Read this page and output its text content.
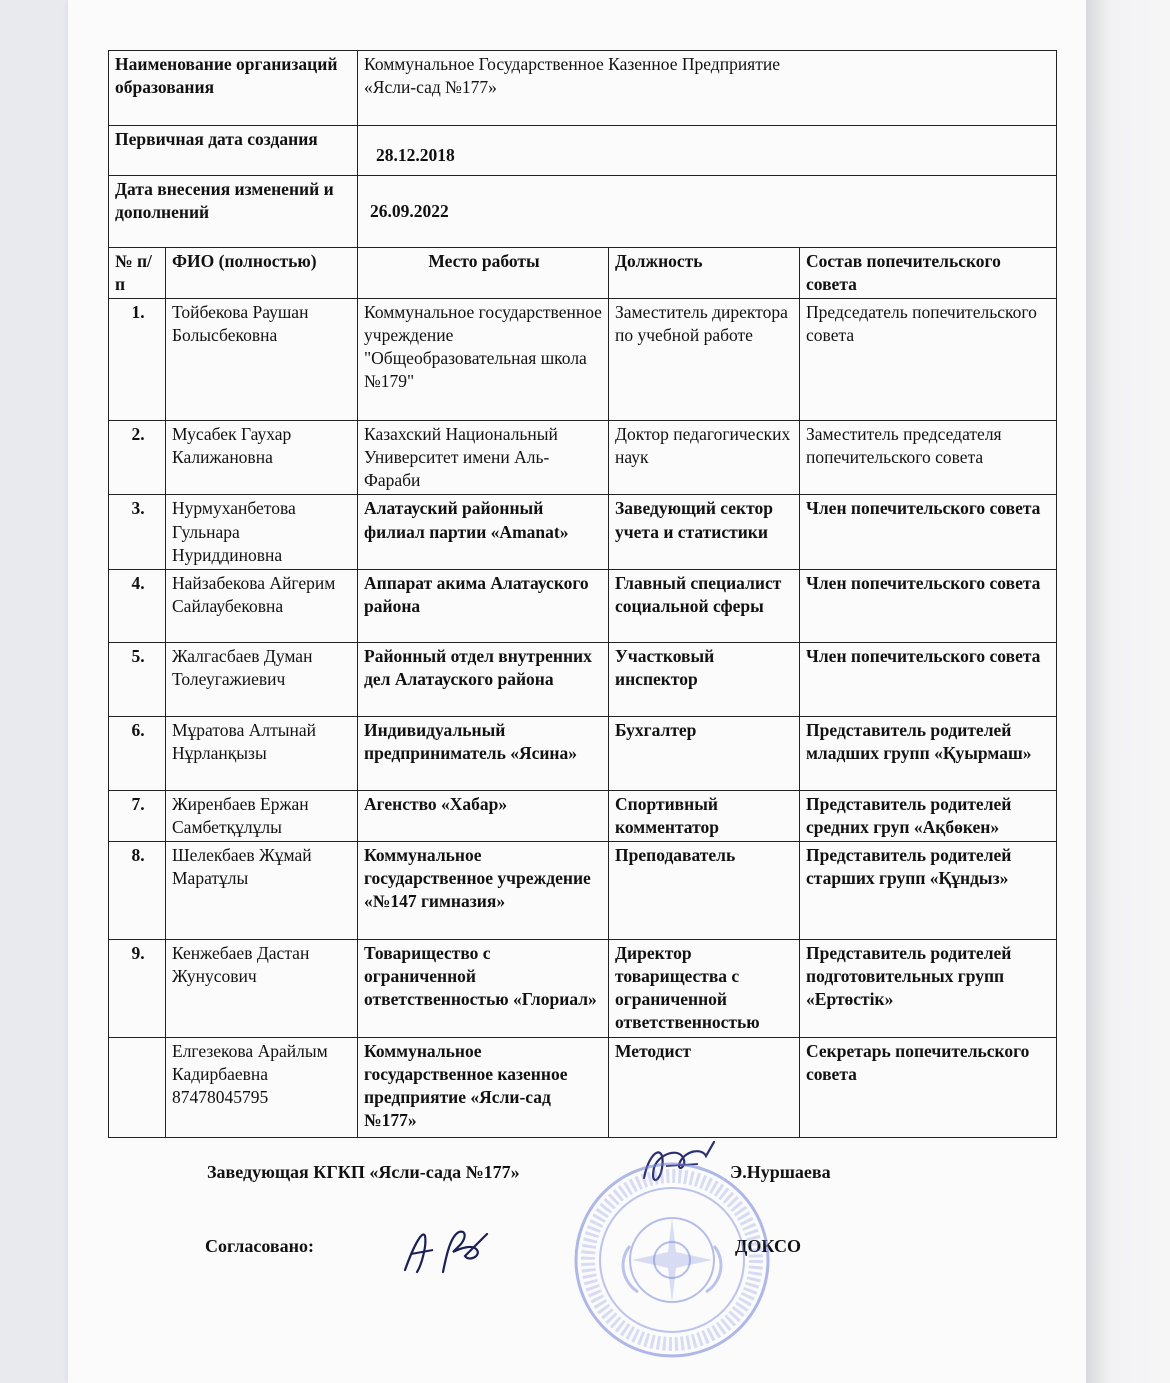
Наименование организаций образования		Коммунальное Государственное Казенное Предприятие
«Ясли-сад №177»		

Первичная дата создания		28.12.2018		
Дата внесения изменений и дополнений		26.09.2022		
№ п/п	ФИО (полностью)	Место работы	Должность	Состав попечительского совета
1.	Тойбекова Раушан Болысбековна	Коммунальное государственное учреждение "Общеобразовательная школа №179"	Заместитель директора по учебной работе	Председатель попечительского совета
2.	Мусабек Гаухар Калижановна	Казахский Национальный Университет имени Аль-Фараби	Доктор педагогических наук	Заместитель председателя попечительского совета
3.	Нурмуханбетова Гульнара Нуриддиновна	Алатауский районный филиал партии «Amanat»	Заведующий сектор учета и статистики	Член попечительского совета
4.	Найзабекова Айгерим Сайлаубековна	Аппарат акима Алатауского района	Главный специалист социальной сферы	Член попечительского совета
5.	Жалгасбаев Думан Толеугажиевич	Районный отдел внутренних дел Алатауского района	Участковый инспектор	Член попечительского совета
6.	Мұратова Алтынай Нұрланқызы	Индивидуальный предприниматель «Ясина»	Бухгалтер	Представитель родителей младших групп «Қуырмаш»
7.	Жиренбаев Ержан Самбетқұлұлы	Агенство «Хабар»	Спортивный комментатор	Представитель родителей средних груп «Ақбөкен»
8.	Шелекбаев Жұмай Маратұлы	Коммунальное государственное учреждение «№147 гимназия»	Преподаватель	Представитель родителей старших групп «Құндыз»
9.	Кенжебаев Дастан Жунусович	Товарищество с ограниченной ответственностью «Глориал»	Директор товарищества с ограниченной ответственностью	Представитель родителей подготовительных групп «Ертөстік»
	Елгезекова Арайлым Кадирбаевна 87478045795	Коммунальное государственное казенное предприятие «Ясли-сад №177»	Методист	Секретарь попечительского совета
Заведующая КГКП «Ясли-сада №177»	Э.Нуршаева
Согласовано:	ДОКСО
